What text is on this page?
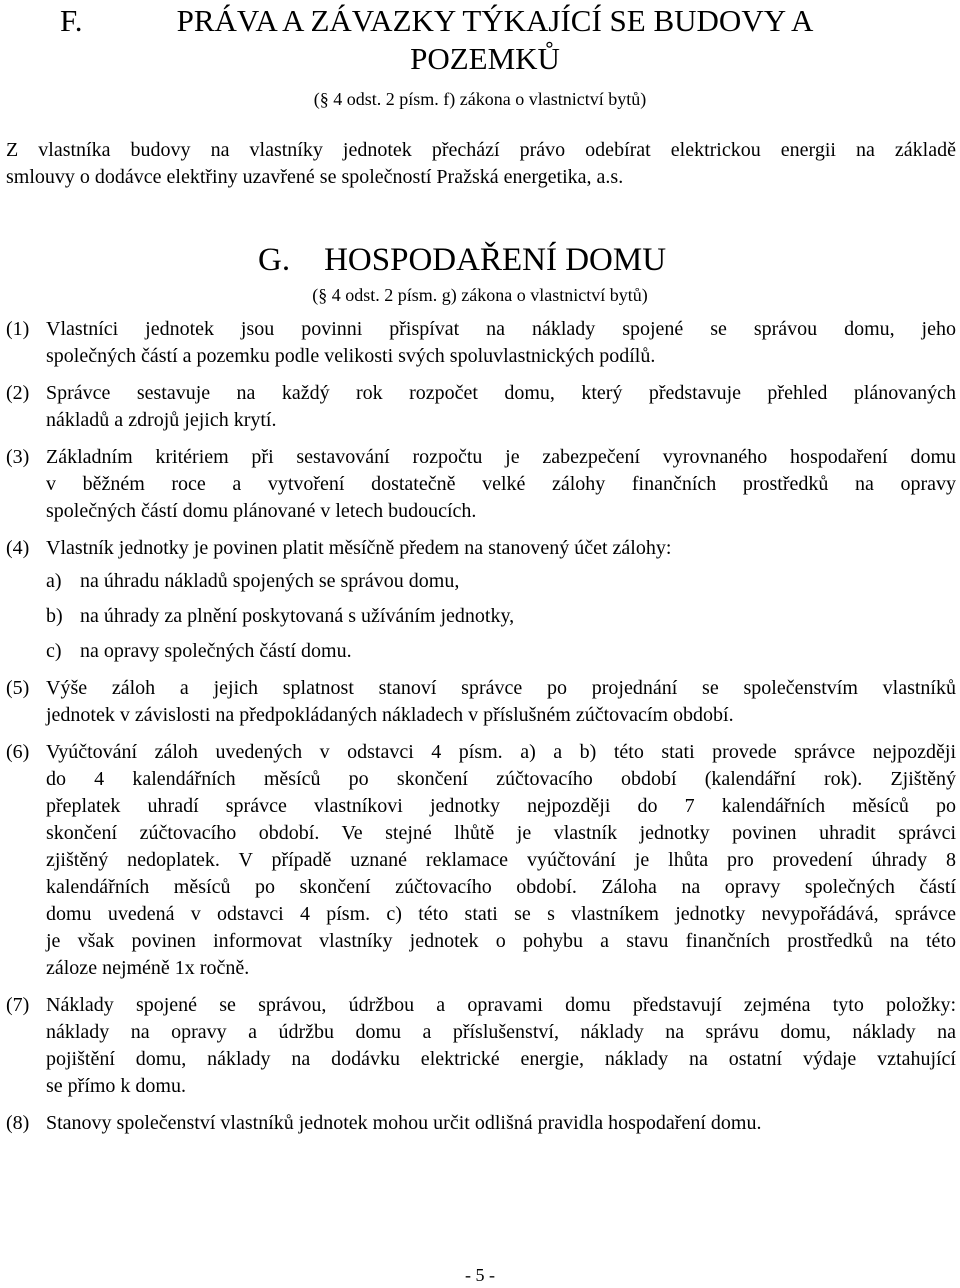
F.	PRÁVA A ZÁVAZKY TÝKAJÍCÍ SE BUDOVY A
POZEMKŮ
(§ 4 odst. 2 písm. f) zákona o vlastnictví bytů)
Z vlastníka budovy na vlastníky jednotek přechází právo odebírat elektrickou energii na základě
smlouvy o dodávce elektřiny uzavřené se společností Pražská energetika, a.s.
G. HOSPODAŘENÍ DOMU
(§ 4 odst. 2 písm. g) zákona o vlastnictví bytů)
(1) Vlastníci jednotek jsou povinni přispívat na náklady spojené se správou domu, jeho
společných částí a pozemku podle velikosti svých spoluvlastnických podílů.
(2) Správce sestavuje na každý rok rozpočet domu, který představuje přehled plánovaných
nákladů a zdrojů jejich krytí.
(3) Základním kritériem při sestavování rozpočtu je zabezpečení vyrovnaného hospodaření domu
v běžném roce a vytvoření dostatečně velké zálohy finančních prostředků na opravy
společných částí domu plánované v letech budoucích.
(4) Vlastník jednotky je povinen platit měsíčně předem na stanovený účet zálohy:
a) na úhradu nákladů spojených se správou domu,
b) na úhrady za plnění poskytovaná s užíváním jednotky,
c) na opravy společných částí domu.
(5) Výše záloh a jejich splatnost stanoví správce po projednání se společenstvím vlastníků
jednotek v závislosti na předpokládaných nákladech v příslušném zúčtovacím období.
(6) Vyúčtování záloh uvedených v odstavci 4 písm. a) a b) této stati provede správce nejpozději
do 4 kalendářních měsíců po skončení zúčtovacího období (kalendářní rok). Zjištěný
přeplatek uhradí správce vlastníkovi jednotky nejpozději do 7 kalendářních měsíců po
skončení zúčtovacího období. Ve stejné lhůtě je vlastník jednotky povinen uhradit správci
zjištěný nedoplatek. V případě uznané reklamace vyúčtování je lhůta pro provedení úhrady 8
kalendářních měsíců po skončení zúčtovacího období. Záloha na opravy společných částí
domu uvedená v odstavci 4 písm. c) této stati se s vlastníkem jednotky nevypořádává, správce
je však povinen informovat vlastníky jednotek o pohybu a stavu finančních prostředků na této
záloze nejméně 1x ročně.
(7) Náklady spojené se správou, údržbou a opravami domu představují zejména tyto položky:
náklady na opravy a údržbu domu a příslušenství, náklady na správu domu, náklady na
pojištění domu, náklady na dodávku elektrické energie, náklady na ostatní výdaje vztahující
se přímo k domu.
(8) Stanovy společenství vlastníků jednotek mohou určit odlišná pravidla hospodaření domu.
- 5 -
